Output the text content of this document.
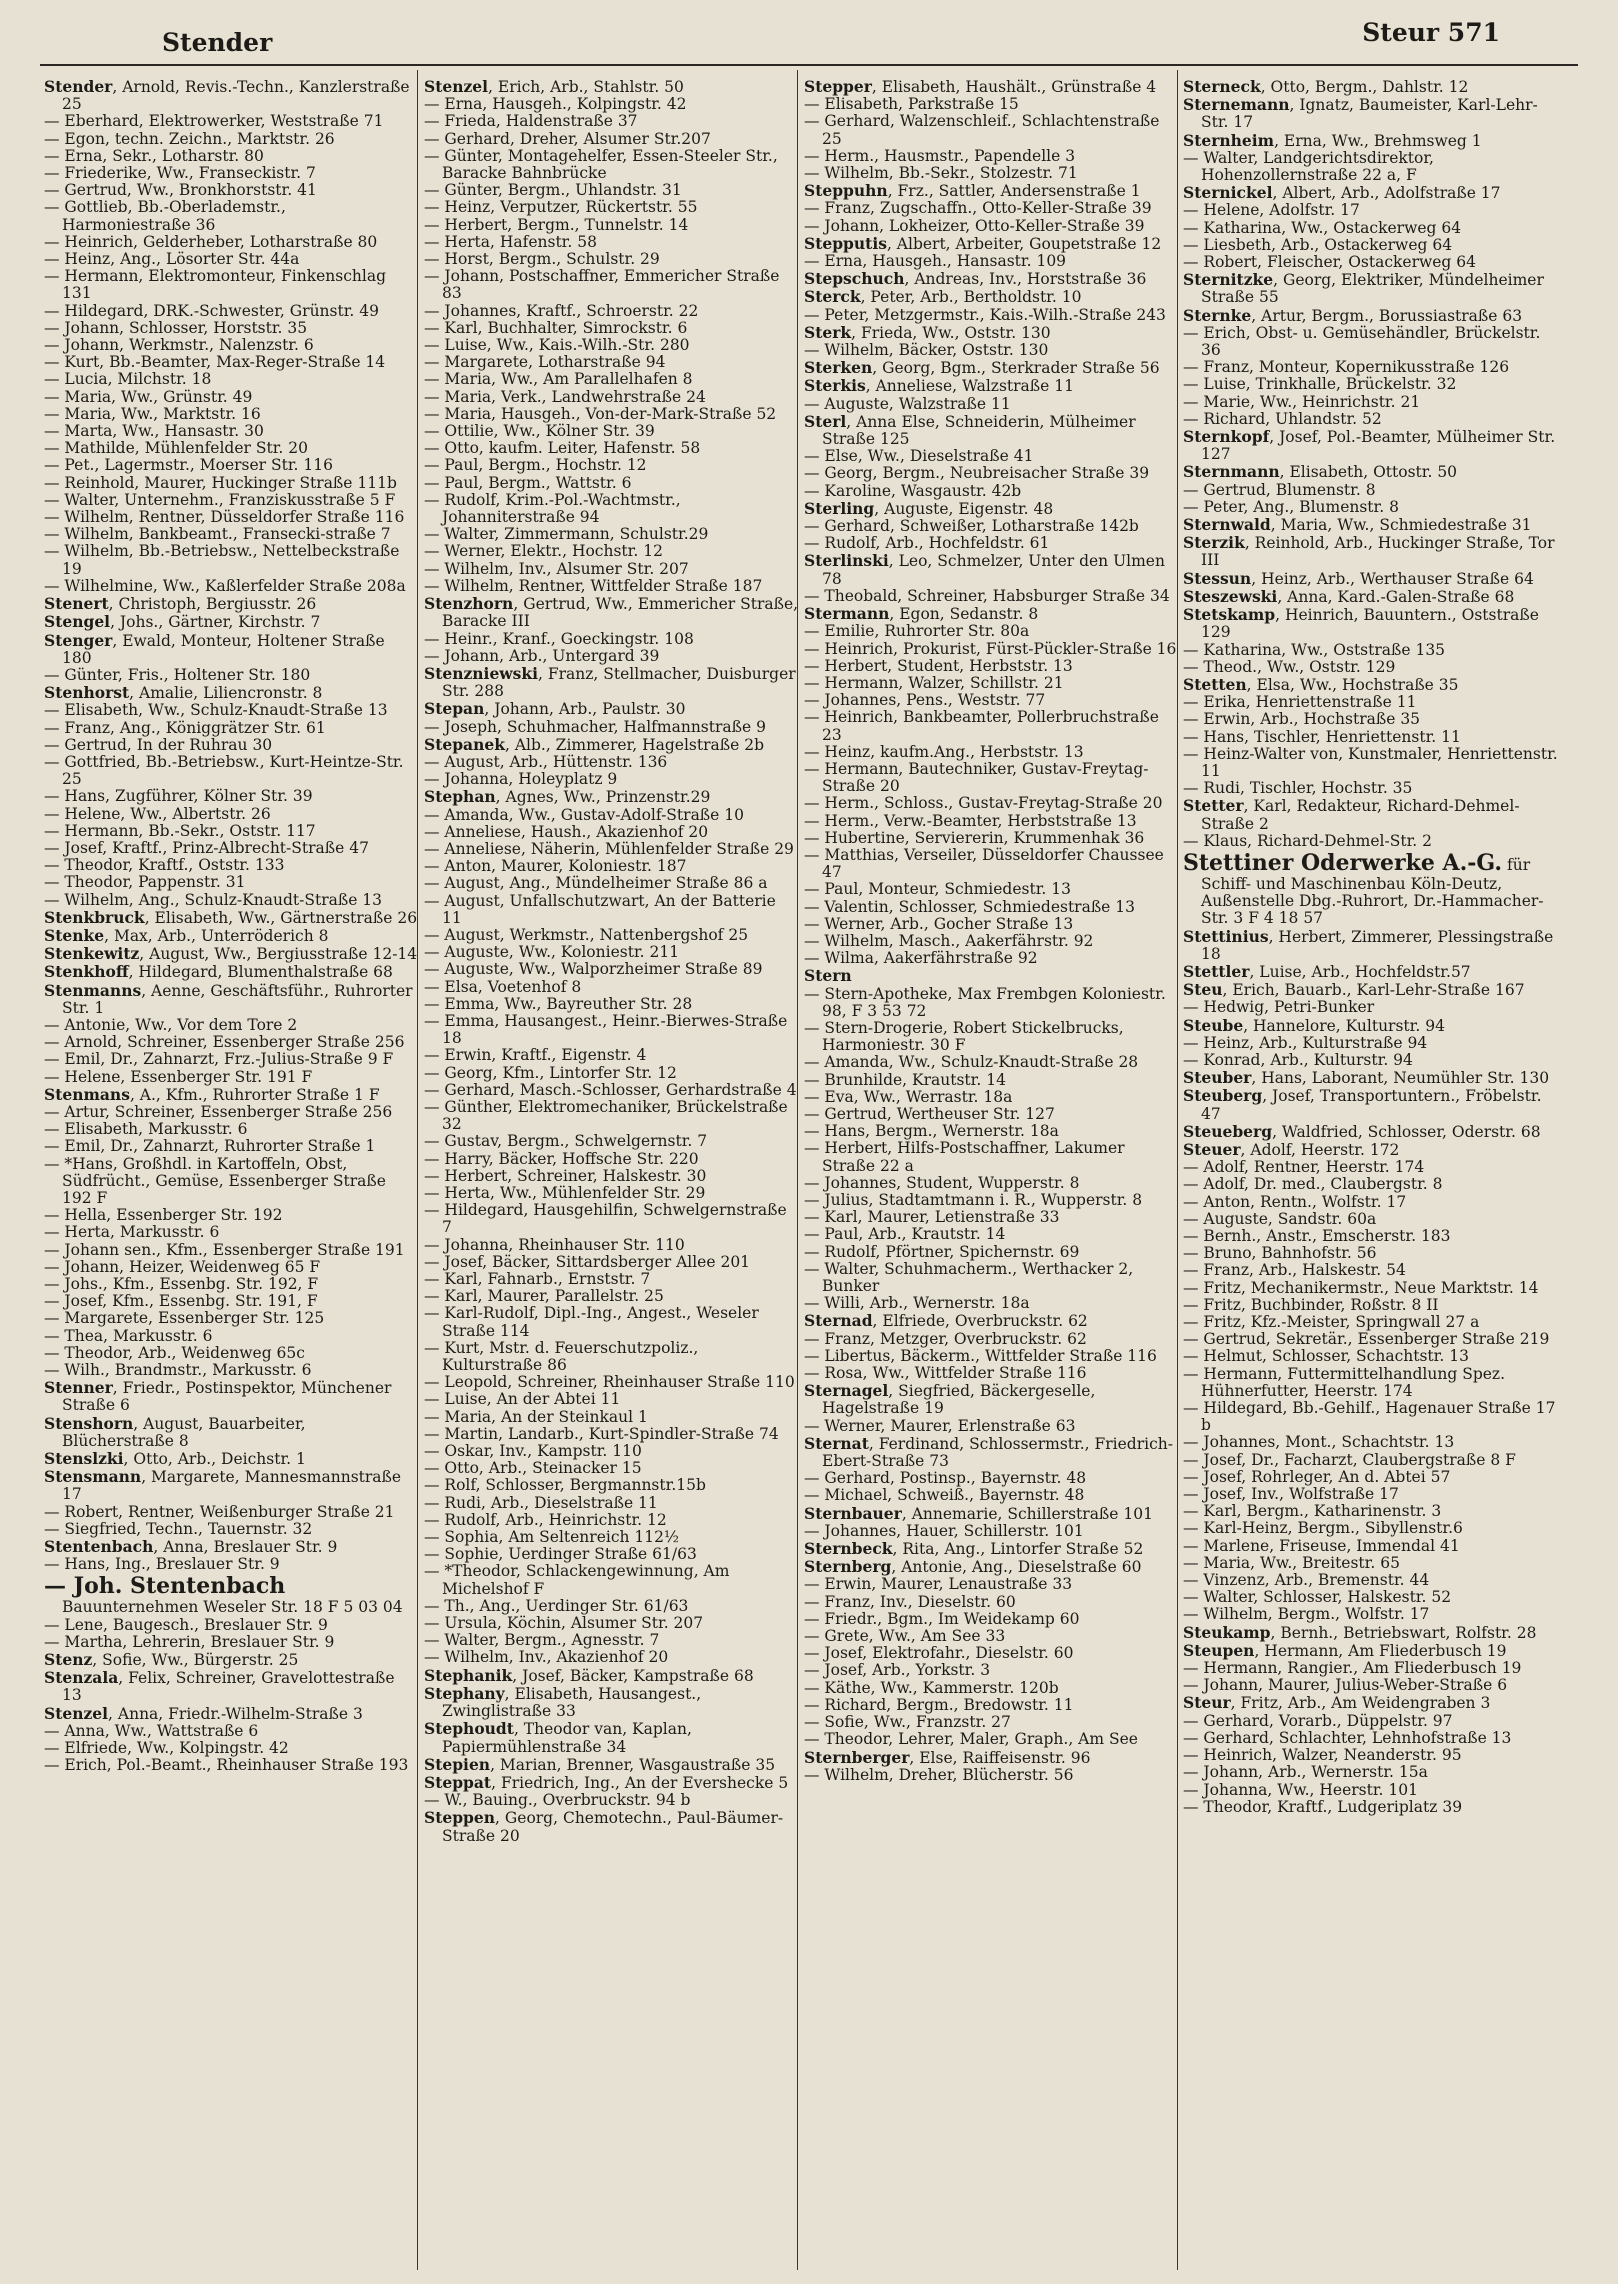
Stender	Steur 571

Stender, Arnold, Revis.-Techn., Kanzlerstraße 25

— Eberhard, Elektrowerker, Weststraße 71

— Egon, techn. Zeichn., Marktstr. 26

— Erna, Sekr., Lotharstr. 80

— Friederike, Ww., Franseckistr. 7

— Gertrud, Ww., Bronkhorststr. 41

— Gottlieb, Bb.-Oberlademstr., Harmoniestraße 36

— Heinrich, Gelderheber, Lotharstraße 80

— Heinz, Ang., Lösorter Str. 44a

— Hermann, Elektromonteur, Finkenschlag 131

— Hildegard, DRK.-Schwester, Grünstr. 49

— Johann, Schlosser, Horststr. 35

— Johann, Werkmstr., Nalenzstr. 6

— Kurt, Bb.-Beamter, Max-Reger-Straße 14

— Lucia, Milchstr. 18

— Maria, Ww., Grünstr. 49

— Maria, Ww., Marktstr. 16

— Marta, Ww., Hansastr. 30

— Mathilde, Mühlenfelder Str. 20

— Pet., Lagermstr., Moerser Str. 116

— Reinhold, Maurer, Huckinger Straße 111b

— Walter, Unternehm., Franziskusstraße 5 F

— Wilhelm, Rentner, Düsseldorfer Straße 116

— Wilhelm, Bankbeamt., Fransecki-straße 7

— Wilhelm, Bb.-Betriebsw., Nettelbeckstraße 19

— Wilhelmine, Ww., Kaßlerfelder Straße 208a

Stenert, Christoph, Bergiusstr. 26

Stengel, Johs., Gärtner, Kirchstr. 7

Stenger, Ewald, Monteur, Holtener Straße 180

— Günter, Fris., Holtener Str. 180

Stenhorst, Amalie, Liliencronstr. 8

— Elisabeth, Ww., Schulz-Knaudt-Straße 13

— Franz, Ang., Königgrätzer Str. 61

— Gertrud, In der Ruhrau 30

— Gottfried, Bb.-Betriebsw., Kurt-Heintze-Str. 25

— Hans, Zugführer, Kölner Str. 39

— Helene, Ww., Albertstr. 26

— Hermann, Bb.-Sekr., Oststr. 117

— Josef, Kraftf., Prinz-Albrecht-Straße 47

— Theodor, Kraftf., Oststr. 133

— Theodor, Pappenstr. 31

— Wilhelm, Ang., Schulz-Knaudt-Straße 13

Stenkbruck, Elisabeth, Ww., Gärtnerstraße 26

Stenke, Max, Arb., Unterröderich 8

Stenkewitz, August, Ww., Bergiusstraße 12-14

Stenkhoff, Hildegard, Blumenthalstraße 68

Stenmanns, Aenne, Geschäftsführ., Ruhrorter Str. 1

— Antonie, Ww., Vor dem Tore 2

— Arnold, Schreiner, Essenberger Straße 256

— Emil, Dr., Zahnarzt, Frz.-Julius-Straße 9 F

— Helene, Essenberger Str. 191 F

Stenmans, A., Kfm., Ruhrorter Straße 1 F

— Artur, Schreiner, Essenberger Straße 256

— Elisabeth, Markusstr. 6

— Emil, Dr., Zahnarzt, Ruhrorter Straße 1

— *Hans, Großhdl. in Kartoffeln, Obst, Südfrücht., Gemüse, Essenberger Straße 192 F

— Hella, Essenberger Str. 192

— Herta, Markusstr. 6

— Johann sen., Kfm., Essenberger Straße 191

— Johann, Heizer, Weidenweg 65 F

— Johs., Kfm., Essenbg. Str. 192, F

— Josef, Kfm., Essenbg. Str. 191, F

— Margarete, Essenberger Str. 125

— Thea, Markusstr. 6

— Theodor, Arb., Weidenweg 65c

— Wilh., Brandmstr., Markusstr. 6

Stenner, Friedr., Postinspektor, Münchener Straße 6

Stenshorn, August, Bauarbeiter, Blücherstraße 8

Stenslzki, Otto, Arb., Deichstr. 1

Stensmann, Margarete, Mannesmannstraße 17

— Robert, Rentner, Weißenburger Straße 21

— Siegfried, Techn., Tauernstr. 32

Stentenbach, Anna, Breslauer Str. 9

— Hans, Ing., Breslauer Str. 9

— Joh. Stentenbach Bauunternehmen Weseler Str. 18 F 5 03 04

— Lene, Baugesch., Breslauer Str. 9

— Martha, Lehrerin, Breslauer Str. 9

Stenz, Sofie, Ww., Bürgerstr. 25

Stenzala, Felix, Schreiner, Gravelottestraße 13

Stenzel, Anna, Friedr.-Wilhelm-Straße 3

— Anna, Ww., Wattstraße 6

— Elfriede, Ww., Kolpingstr. 42

— Erich, Pol.-Beamt., Rheinhauser Straße 193

Stenzel, Erich, Arb., Stahlstr. 50

— Erna, Hausgeh., Kolpingstr. 42

— Frieda, Haldenstraße 37

— Gerhard, Dreher, Alsumer Str.207

— Günter, Montagehelfer, Essen-Steeler Str., Baracke Bahnbrücke

— Günter, Bergm., Uhlandstr. 31

— Heinz, Verputzer, Rückertstr. 55

— Herbert, Bergm., Tunnelstr. 14

— Herta, Hafenstr. 58

— Horst, Bergm., Schulstr. 29

— Johann, Postschaffner, Emmericher Straße 83

— Johannes, Kraftf., Schroerstr. 22

— Karl, Buchhalter, Simrockstr. 6

— Luise, Ww., Kais.-Wilh.-Str. 280

— Margarete, Lotharstraße 94

— Maria, Ww., Am Parallelhafen 8

— Maria, Verk., Landwehrstraße 24

— Maria, Hausgeh., Von-der-Mark-Straße 52

— Ottilie, Ww., Kölner Str. 39

— Otto, kaufm. Leiter, Hafenstr. 58

— Paul, Bergm., Hochstr. 12

— Paul, Bergm., Wattstr. 6

— Rudolf, Krim.-Pol.-Wachtmstr., Johanniterstraße 94

— Walter, Zimmermann, Schulstr.29

— Werner, Elektr., Hochstr. 12

— Wilhelm, Inv., Alsumer Str. 207

— Wilhelm, Rentner, Wittfelder Straße 187

Stenzhorn, Gertrud, Ww., Emmericher Straße, Baracke III

— Heinr., Kranf., Goeckingstr. 108

— Johann, Arb., Untergard 39

Stenzniewski, Franz, Stellmacher, Duisburger Str. 288

Stepan, Johann, Arb., Paulstr. 30

— Joseph, Schuhmacher, Halfmannstraße 9

Stepanek, Alb., Zimmerer, Hagelstraße 2b

— August, Arb., Hüttenstr. 136

— Johanna, Holeyplatz 9

Stephan, Agnes, Ww., Prinzenstr.29

— Amanda, Ww., Gustav-Adolf-Straße 10

— Anneliese, Haush., Akazienhof 20

— Anneliese, Näherin, Mühlenfelder Straße 29

— Anton, Maurer, Koloniestr. 187

— August, Ang., Mündelheimer Straße 86 a

— August, Unfallschutzwart, An der Batterie 11

— August, Werkmstr., Nattenbergshof 25

— Auguste, Ww., Koloniestr. 211

— Auguste, Ww., Walporzheimer Straße 89

— Elsa, Voetenhof 8

— Emma, Ww., Bayreuther Str. 28

— Emma, Hausangest., Heinr.-Bierwes-Straße 18

— Erwin, Kraftf., Eigenstr. 4

— Georg, Kfm., Lintorfer Str. 12

— Gerhard, Masch.-Schlosser, Gerhardstraße 4

— Günther, Elektromechaniker, Brückelstraße 32

— Gustav, Bergm., Schwelgernstr. 7

— Harry, Bäcker, Hoffsche Str. 220

— Herbert, Schreiner, Halskestr. 30

— Herta, Ww., Mühlenfelder Str. 29

— Hildegard, Hausgehilfin, Schwelgernstraße 7

— Johanna, Rheinhauser Str. 110

— Josef, Bäcker, Sittardsberger Allee 201

— Karl, Fahnarb., Ernststr. 7

— Karl, Maurer, Parallelstr. 25

— Karl-Rudolf, Dipl.-Ing., Angest., Weseler Straße 114

— Kurt, Mstr. d. Feuerschutzpoliz., Kulturstraße 86

— Leopold, Schreiner, Rheinhauser Straße 110

— Luise, An der Abtei 11

— Maria, An der Steinkaul 1

— Martin, Landarb., Kurt-Spindler-Straße 74

— Oskar, Inv., Kampstr. 110

— Otto, Arb., Steinacker 15

— Rolf, Schlosser, Bergmannstr.15b

— Rudi, Arb., Dieselstraße 11

— Rudolf, Arb., Heinrichstr. 12

— Sophia, Am Seltenreich 112½

— Sophie, Uerdinger Straße 61/63

— *Theodor, Schlackengewinnung, Am Michelshof F

— Th., Ang., Uerdinger Str. 61/63

— Ursula, Köchin, Alsumer Str. 207

— Walter, Bergm., Agnesstr. 7

— Wilhelm, Inv., Akazienhof 20

Stephanik, Josef, Bäcker, Kampstraße 68

Stephany, Elisabeth, Hausangest., Zwinglistraße 33

Stephoudt, Theodor van, Kaplan, Papiermühlenstraße 34

Stepien, Marian, Brenner, Wasgaustraße 35

Steppat, Friedrich, Ing., An der Eversheckе 5

— W., Bauing., Overbruckstr. 94 b

Steppen, Georg, Chemotechn., Paul-Bäumer-Straße 20

Stepper, Elisabeth, Haushält., Grünstraße 4

— Elisabeth, Parkstraße 15

— Gerhard, Walzenschleif., Schlachtenstraße 25

— Herm., Hausmstr., Papendelle 3

— Wilhelm, Bb.-Sekr., Stolzestr. 71

Steppuhn, Frz., Sattler, Andersenstraße 1

— Franz, Zugschaffn., Otto-Keller-Straße 39

— Johann, Lokheizer, Otto-Keller-Straße 39

Stepputis, Albert, Arbeiter, Goupetstraße 12

— Erna, Hausgeh., Hansastr. 109

Stepschuch, Andreas, Inv., Horststraße 36

Sterck, Peter, Arb., Bertholdstr. 10

— Peter, Metzgermstr., Kais.-Wilh.-Straße 243

Sterk, Frieda, Ww., Oststr. 130

— Wilhelm, Bäcker, Oststr. 130

Sterken, Georg, Bgm., Sterkrader Straße 56

Sterkis, Anneliese, Walzstraße 11

— Auguste, Walzstraße 11

Sterl, Anna Else, Schneiderin, Mülheimer Straße 125

— Else, Ww., Dieselstraße 41

— Georg, Bergm., Neubreisacher Straße 39

— Karoline, Wasgaustr. 42b

Sterling, Auguste, Eigenstr. 48

— Gerhard, Schweißer, Lotharstraße 142b

— Rudolf, Arb., Hochfeldstr. 61

Sterlinski, Leo, Schmelzer, Unter den Ulmen 78

— Theobald, Schreiner, Habsburger Straße 34

Stermann, Egon, Sedanstr. 8

— Emilie, Ruhrorter Str. 80a

— Heinrich, Prokurist, Fürst-Pückler-Straße 16

— Herbert, Student, Herbststr. 13

— Hermann, Walzer, Schillstr. 21

— Johannes, Pens., Weststr. 77

— Heinrich, Bankbeamter, Pollerbruchstraße 23

— Heinz, kaufm.Ang., Herbststr. 13

— Hermann, Bautechniker, Gustav-Freytag-Straße 20

— Herm., Schloss., Gustav-Freytag-Straße 20

— Herm., Verw.-Beamter, Herbststraße 13

— Hubertine, Serviererin, Krummenhak 36

— Matthias, Verseiler, Düsseldorfer Chaussee 47

— Paul, Monteur, Schmiedestr. 13

— Valentin, Schlosser, Schmiedestraße 13

— Werner, Arb., Gocher Straße 13

— Wilhelm, Masch., Aakerfährstr. 92

— Wilma, Aakerfährstraße 92

Stern

— Stern-Apotheke, Max Frembgen Koloniestr. 98, F 3 53 72

— Stern-Drogerie, Robert Stickelbrucks, Harmoniestr. 30 F

— Amanda, Ww., Schulz-Knaudt-Straße 28

— Brunhilde, Krautstr. 14

— Eva, Ww., Werrastr. 18a

— Gertrud, Wertheuser Str. 127

— Hans, Bergm., Wernerstr. 18a

— Herbert, Hilfs-Postschaffner, Lakumer Straße 22 a

— Johannes, Student, Wupperstr. 8

— Julius, Stadtamtmann i. R., Wupperstr. 8

— Karl, Maurer, Letienstraße 33

— Paul, Arb., Krautstr. 14

— Rudolf, Pförtner, Spichernstr. 69

— Walter, Schuhmacherm., Werthacker 2, Bunker

— Willi, Arb., Wernerstr. 18a

Sternad, Elfriede, Overbruckstr. 62

— Franz, Metzger, Overbruckstr. 62

— Libertus, Bäckerm., Wittfelder Straße 116

— Rosa, Ww., Wittfelder Straße 116

Sternagel, Siegfried, Bäckergeselle, Hagelstraße 19

— Werner, Maurer, Erlenstraße 63

Sternat, Ferdinand, Schlossermstr., Friedrich-Ebert-Straße 73

— Gerhard, Postinsp., Bayernstr. 48

— Michael, Schweiß., Bayernstr. 48

Sternbauer, Annemarie, Schillerstraße 101

— Johannes, Hauer, Schillerstr. 101

Sternbeck, Rita, Ang., Lintorfer Straße 52

Sternberg, Antonie, Ang., Dieselstraße 60

— Erwin, Maurer, Lenaustraße 33

— Franz, Inv., Dieselstr. 60

— Friedr., Bgm., Im Weidekamp 60

— Grete, Ww., Am See 33

— Josef, Elektrofahr., Dieselstr. 60

— Josef, Arb., Yorkstr. 3

— Käthe, Ww., Kammerstr. 120b

— Richard, Bergm., Bredowstr. 11

— Sofie, Ww., Franzstr. 27

— Theodor, Lehrer, Maler, Graph., Am See

Sternberger, Else, Raiffeisenstr. 96

— Wilhelm, Dreher, Blücherstr. 56

Sterneck, Otto, Bergm., Dahlstr. 12

Sternemann, Ignatz, Baumeister, Karl-Lehr-Str. 17

Sternheim, Erna, Ww., Brehmsweg 1

— Walter, Landgerichtsdirektor, Hohenzollernstraße 22 a, F

Sternickel, Albert, Arb., Adolfstraße 17

— Helene, Adolfstr. 17

— Katharina, Ww., Ostackerweg 64

— Liesbeth, Arb., Ostackerweg 64

— Robert, Fleischer, Ostackerweg 64

Sternitzke, Georg, Elektriker, Mündelheimer Straße 55

Sternke, Artur, Bergm., Borussiastraße 63

— Erich, Obst- u. Gemüsehändler, Brückelstr. 36

— Franz, Monteur, Kopernikusstraße 126

— Luise, Trinkhalle, Brückelstr. 32

— Marie, Ww., Heinrichstr. 21

— Richard, Uhlandstr. 52

Sternkopf, Josef, Pol.-Beamter, Mülheimer Str. 127

Sternmann, Elisabeth, Ottostr. 50

— Gertrud, Blumenstr. 8

— Peter, Ang., Blumenstr. 8

Sternwald, Maria, Ww., Schmiedestraße 31

Sterzik, Reinhold, Arb., Huckinger Straße, Tor III

Stessun, Heinz, Arb., Werthauser Straße 64

Steszewski, Anna, Kard.-Galen-Straße 68

Stetskamp, Heinrich, Bauuntern., Oststraße 129

— Katharina, Ww., Oststraße 135

— Theod., Ww., Oststr. 129

Stetten, Elsa, Ww., Hochstraße 35

— Erika, Henriettenstraße 11

— Erwin, Arb., Hochstraße 35

— Hans, Tischler, Henriettenstr. 11

— Heinz-Walter von, Kunstmaler, Henriettenstr. 11

— Rudi, Tischler, Hochstr. 35

Stetter, Karl, Redakteur, Richard-Dehmel-Straße 2

— Klaus, Richard-Dehmel-Str. 2

Stettiner Oderwerke A.-G. für Schiff- und Maschinenbau Köln-Deutz, Außenstelle Dbg.-Ruhrort, Dr.-Hammacher-Str. 3 F 4 18 57

Stettinius, Herbert, Zimmerer, Plessingstraße 18

Stettler, Luise, Arb., Hochfeldstr.57

Steu, Erich, Bauarb., Karl-Lehr-Straße 167

— Hedwig, Petri-Bunker

Steube, Hannelore, Kulturstr. 94

— Heinz, Arb., Kulturstraße 94

— Konrad, Arb., Kulturstr. 94

Steuber, Hans, Laborant, Neumühler Str. 130

Steuberg, Josef, Transportuntern., Fröbelstr. 47

Steueberg, Waldfried, Schlosser, Oderstr. 68

Steuer, Adolf, Heerstr. 172

— Adolf, Rentner, Heerstr. 174

— Adolf, Dr. med., Claubergstr. 8

— Anton, Rentn., Wolfstr. 17

— Auguste, Sandstr. 60a

— Bernh., Anstr., Emscherstr. 183

— Bruno, Bahnhofstr. 56

— Franz, Arb., Halskestr. 54

— Fritz, Mechanikermstr., Neue Marktstr. 14

— Fritz, Buchbinder, Roßstr. 8 II

— Fritz, Kfz.-Meister, Springwall 27 a

— Gertrud, Sekretär., Essenberger Straße 219

— Helmut, Schlosser, Schachtstr. 13

— Hermann, Futtermittelhandlung Spez. Hühnerfutter, Heerstr. 174

— Hildegard, Bb.-Gehilf., Hagenauer Straße 17 b

— Johannes, Mont., Schachtstr. 13

— Josef, Dr., Facharzt, Claubergstraße 8 F

— Josef, Rohrleger, An d. Abtei 57

— Josef, Inv., Wolfstraße 17

— Karl, Bergm., Katharinenstr. 3

— Karl-Heinz, Bergm., Sibyllenstr.6

— Marlene, Friseuse, Immendal 41

— Maria, Ww., Breitestr. 65

— Vinzenz, Arb., Bremenstr. 44

— Walter, Schlosser, Halskestr. 52

— Wilhelm, Bergm., Wolfstr. 17

Steukamp, Bernh., Betriebswart, Rolfstr. 28

Steupen, Hermann, Am Fliederbusch 19

— Hermann, Rangier., Am Fliederbusch 19

— Johann, Maurer, Julius-Weber-Straße 6

Steur, Fritz, Arb., Am Weidengraben 3

— Gerhard, Vorarb., Düppelstr. 97

— Gerhard, Schlachter, Lehnhofstraße 13

— Heinrich, Walzer, Neanderstr. 95

— Johann, Arb., Wernerstr. 15a

— Johanna, Ww., Heerstr. 101

— Theodor, Kraftf., Ludgeriplatz 39
